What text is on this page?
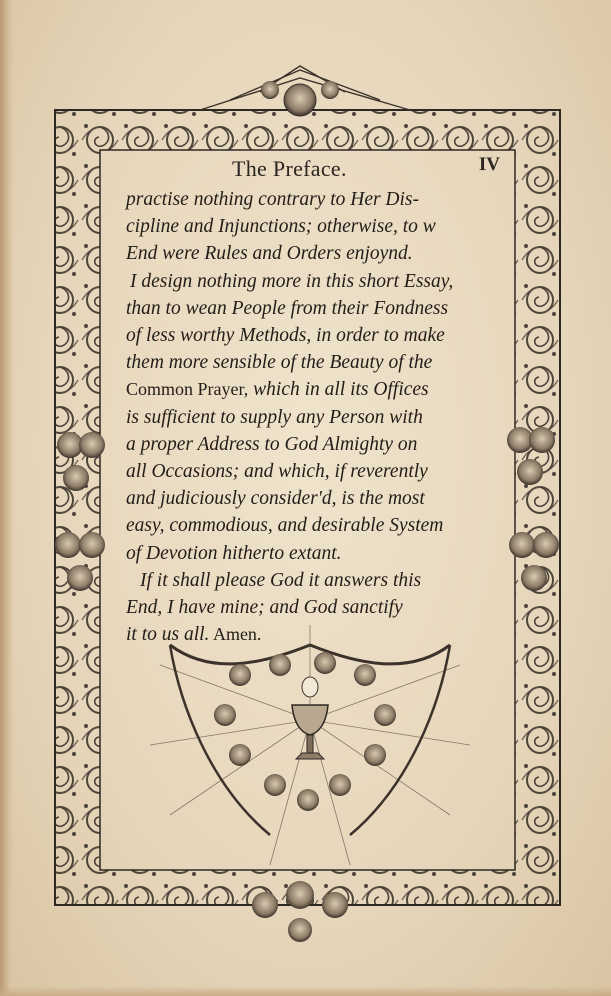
The Preface.	IV
practise nothing contrary to Her Dis-
cipline and Injunctions; otherwise, to w
End were Rules and Orders enjoynd.
I design nothing more in this short Essay,
than to wean People from their Fondness
of less worthy Methods, in order to make
them more sensible of the Beauty of the
Common Prayer, which in all its Offices
is sufficient to supply any Person with
a proper Address to God Almighty on
all Occasions; and which, if reverently
and judiciously consider'd, is the most
easy, commodious, and desirable System
of Devotion hitherto extant.
If it shall please God it answers this
End, I have mine; and God sanctify
it to us all. Amen.
